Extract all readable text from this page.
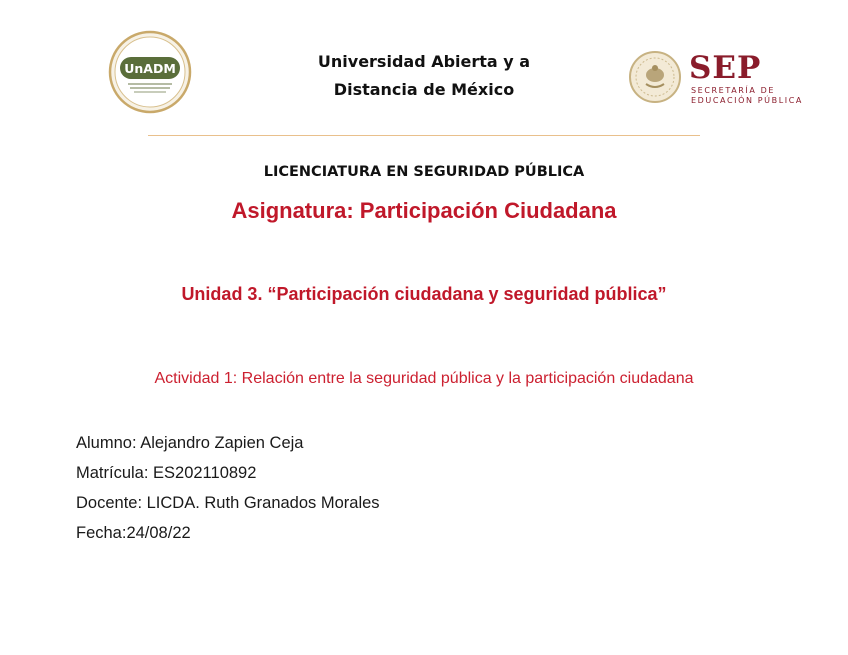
UnADM	Universidad Abierta y a
Distancia de México
SEP
SECRETARÍA DE
EDUCACIÓN PÚBLICA
LICENCIATURA EN SEGURIDAD PÚBLICA
Asignatura: Participación Ciudadana
Unidad 3. “Participación ciudadana y seguridad pública”
Actividad 1: Relación entre la seguridad pública y la participación ciudadana
Alumno: Alejandro Zapien Ceja
Matrícula: ES202110892
Docente: LICDA. Ruth Granados Morales
Fecha:24/08/22
